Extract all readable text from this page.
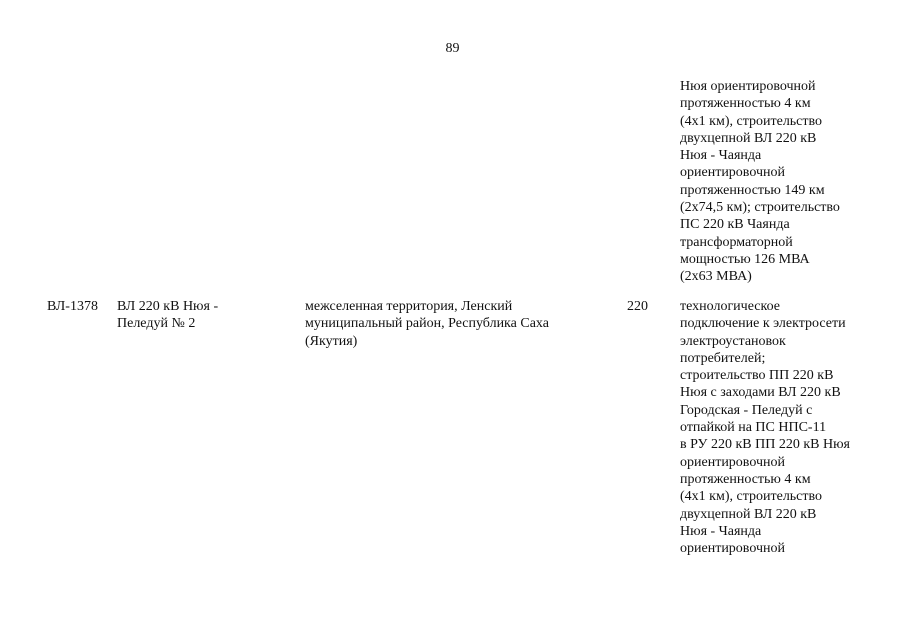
89
Нюя ориентировочной
протяженностью 4 км
(4x1 км), строительство
двухцепной ВЛ 220 кВ
Нюя - Чаянда
ориентировочной
протяженностью 149 км
(2x74,5 км); строительство
ПС 220 кВ Чаянда
трансформаторной
мощностью 126 МВА
(2x63 МВА)
ВЛ-1378 ВЛ 220 кВ Нюя -
Пеледуй № 2
межселенная территория, Ленский
муниципальный район, Республика Саха
(Якутия)
220 технологическое
подключение к электросети
электроустановок
потребителей;
строительство ПП 220 кВ
Нюя с заходами ВЛ 220 кВ
Городская - Пеледуй с
отпайкой на ПС НПС-11
в РУ 220 кВ ПП 220 кВ Нюя
ориентировочной
протяженностью 4 км
(4x1 км), строительство
двухцепной ВЛ 220 кВ
Нюя - Чаянда
ориентировочной
